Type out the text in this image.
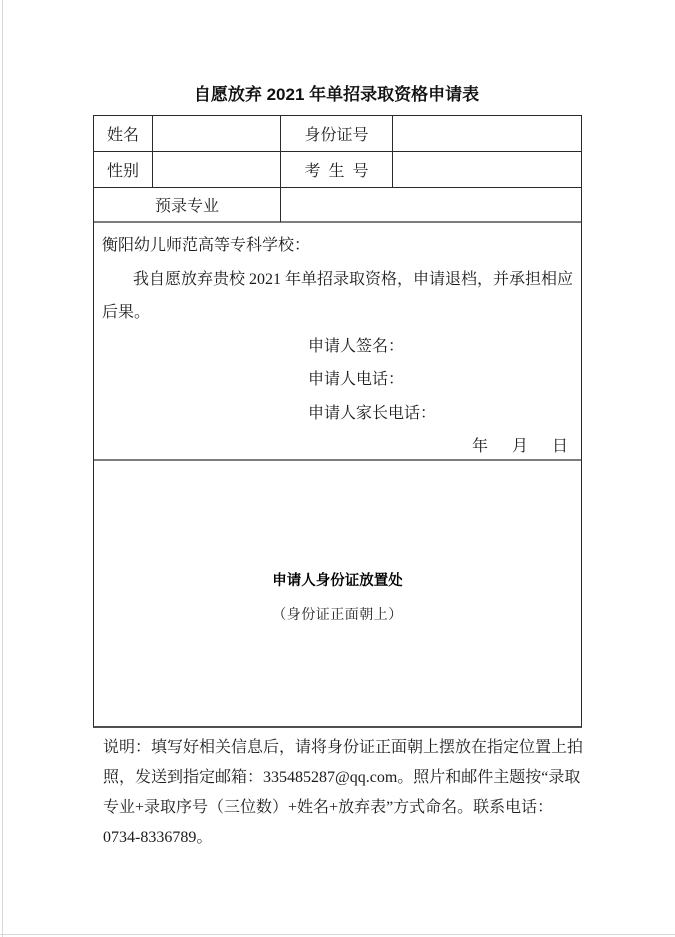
自愿放弃 2021 年单招录取资格申请表
姓名	身份证号
性别	考  生  号
预录专业
衡阳幼儿师范高等专科学校：
我自愿放弃贵校 2021 年单招录取资格，申请退档，并承担相应
后果。
申请人签名：
申请人电话：
申请人家长电话：
年　月　日
申请人身份证放置处
（身份证正面朝上）
说明：填写好相关信息后，请将身份证正面朝上摆放在指定位置上拍
照，发送到指定邮箱：335485287@qq.com。照片和邮件主题按“录取
专业+录取序号（三位数）+姓名+放弃表”方式命名。联系电话：
0734-8336789。
